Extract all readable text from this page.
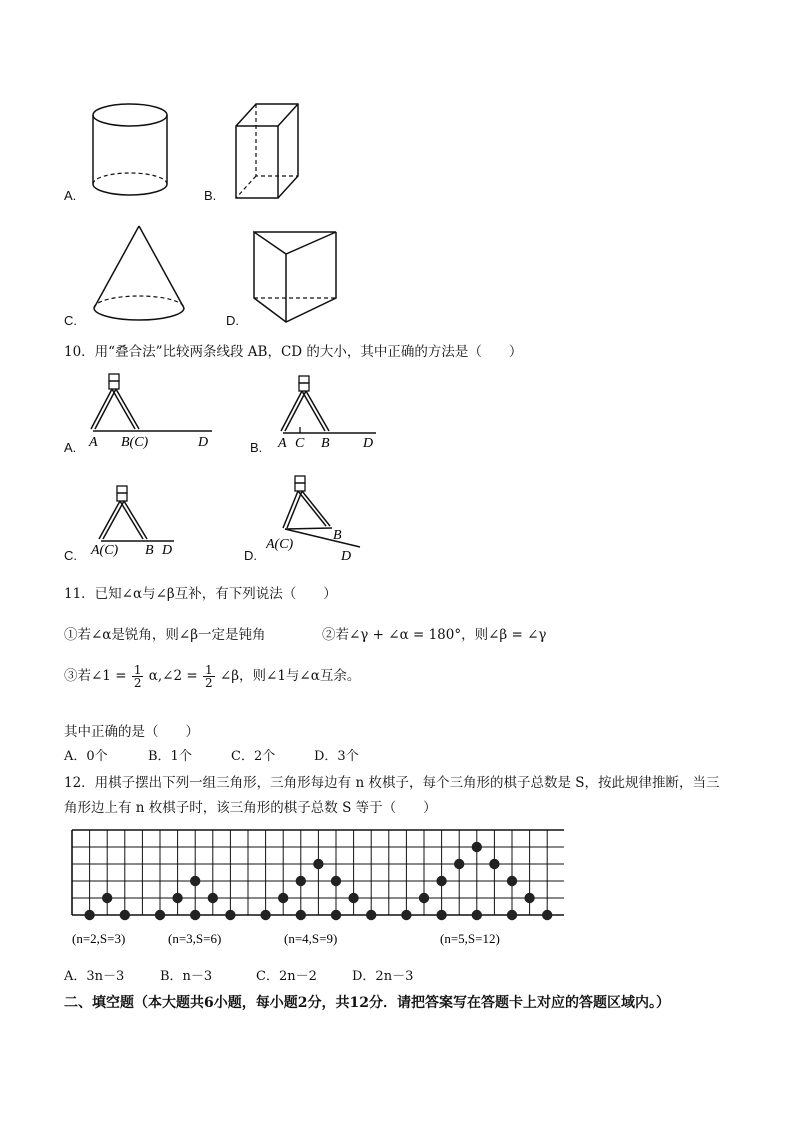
A.	B.
C.	D.
10．用“叠合法”比较两条线段 AB，CD 的大小，其中正确的方法是（　　）
A. A B(C)	D	B. A C B D
C. A(C) B D	D.
A(C)
B
D
11．已知∠α与∠β互补，有下列说法（　　）
①若∠α是锐角，则∠β一定是钝角	②若∠γ + ∠α = 180°，则∠β = ∠γ
③若∠1 = $\frac{1}{2}$ α,∠2 = $\frac{1}{2}$ ∠β，则∠1与∠α互余。
其中正确的是（　　）
A．0个	B．1个	C．2个	D．3个
12．用棋子摆出下列一组三角形，三角形每边有 n 枚棋子，每个三角形的棋子总数是 S，按此规律推断，当三
角形边上有 n 枚棋子时，该三角形的棋子总数 S 等于（　　）
(n=2,S=3)	(n=3,S=6)	(n=4,S=9)	(n=5,S=12)
A．3n－3	B．n－3	C．2n－2	D．2n－3
二、填空题（本大题共6小题，每小题2分，共12分．请把答案写在答题卡上对应的答题区域内。）
